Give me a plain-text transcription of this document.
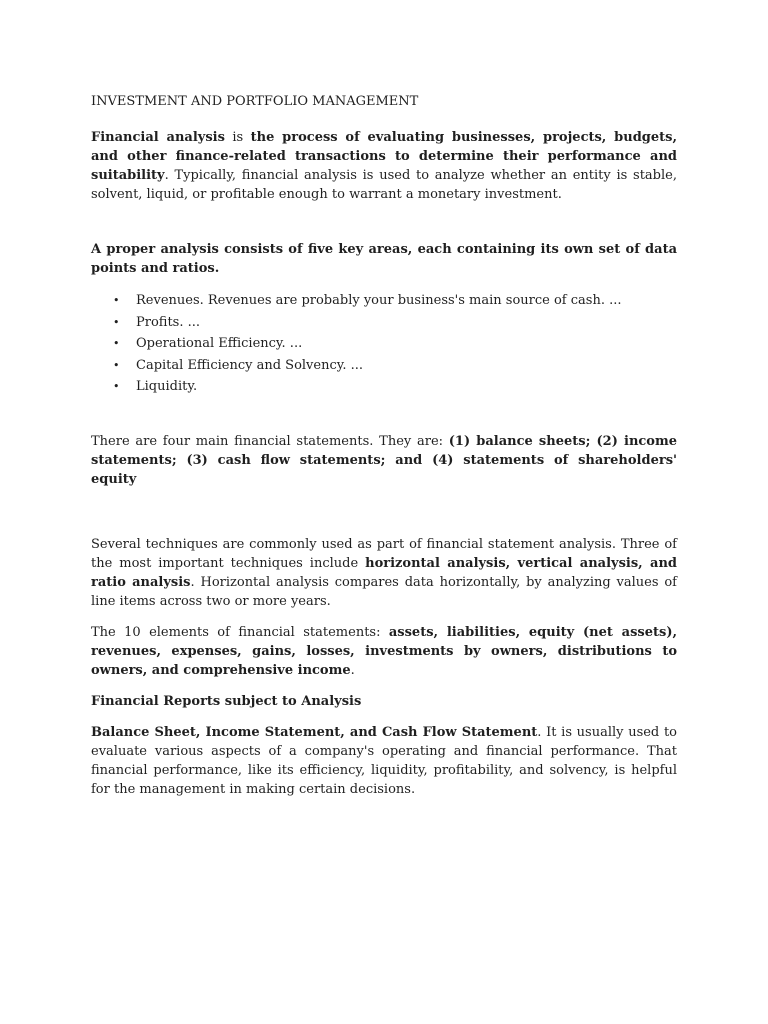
INVESTMENT AND PORTFOLIO MANAGEMENT

Financial analysis is the process of evaluating businesses, projects, budgets, and other finance-related transactions to determine their performance and suitability. Typically, financial analysis is used to analyze whether an entity is stable, solvent, liquid, or profitable enough to warrant a monetary investment.

A proper analysis consists of five key areas, each containing its own set of data points and ratios.

• Revenues. Revenues are probably your business's main source of cash. ...
• Profits. ...
• Operational Efficiency. ...
• Capital Efficiency and Solvency. ...
• Liquidity.

There are four main financial statements. They are: (1) balance sheets; (2) income statements; (3) cash flow statements; and (4) statements of shareholders' equity

Several techniques are commonly used as part of financial statement analysis. Three of the most important techniques include horizontal analysis, vertical analysis, and ratio analysis. Horizontal analysis compares data horizontally, by analyzing values of line items across two or more years.

The 10 elements of financial statements: assets, liabilities, equity (net assets), revenues, expenses, gains, losses, investments by owners, distributions to owners, and comprehensive income.

Financial Reports subject to Analysis

Balance Sheet, Income Statement, and Cash Flow Statement. It is usually used to evaluate various aspects of a company's operating and financial performance. That financial performance, like its efficiency, liquidity, profitability, and solvency, is helpful for the management in making certain decisions.
